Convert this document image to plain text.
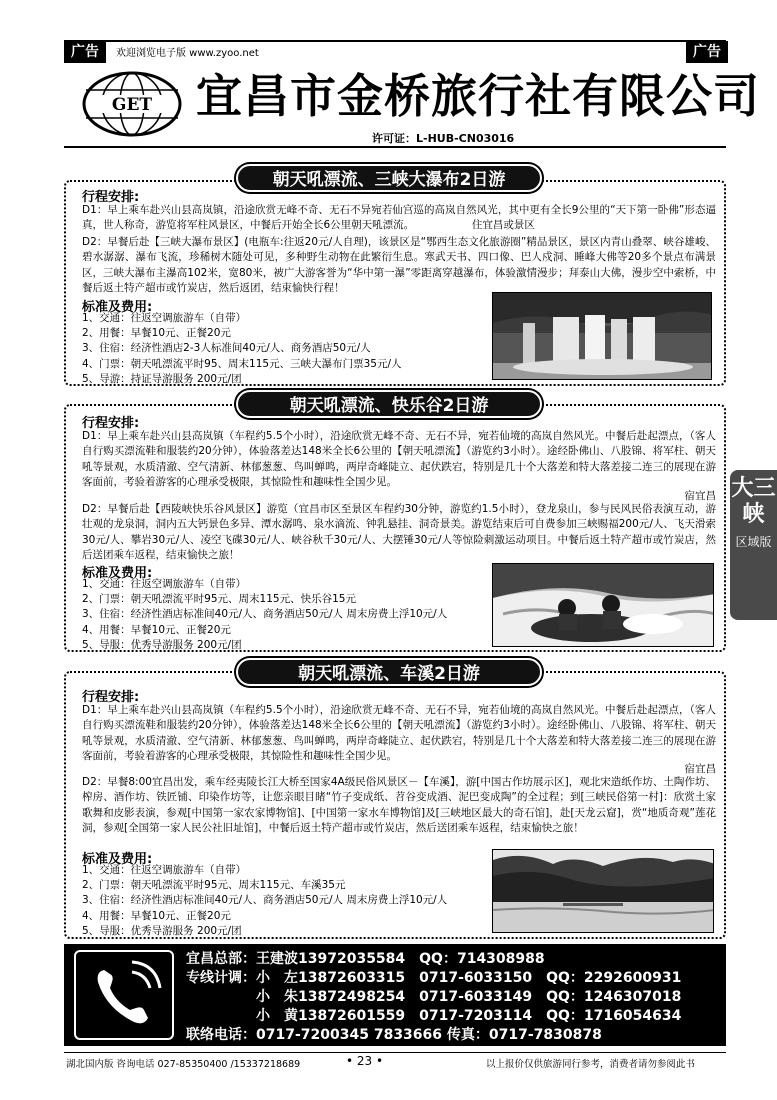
广告	广告
欢迎浏览电子版 www.zyoo.net
GET 宜昌市金桥旅行社有限公司
许可证：L-HUB-CN03016
朝天吼漂流、三峡大瀑布2日游
行程安排:
D1：早上乘车赴兴山县高岚镇，沿途欣赏无峰不奇、无石不异宛若仙宫巡的高岚自然风光，其中更有全长9公里的“天下第一卧佛”形态逼真，世人称奇，游览将军柱风景区，中餐后开始全长6公里朝天吼漂流。　　　　　　住宜昌或景区
D2：早餐后赴【三峡大瀑布景区】(电瓶车:往返20元/人自理)，该景区是“鄂西生态文化旅游圈”精品景区，景区内青山叠翠、峡谷雄峻、碧水潺潺、瀑布飞流，珍稀树木随处可见，多种野生动物在此繁衍生息。寒武天书、四口像、巴人戍洞、睡峰大佛等20多个景点布满景区，三峡大瀑布主瀑高102米，宽80米，被广大游客誉为“华中第一瀑”零距离穿越瀑布，体验激情漫步；拜泰山大佛，漫步空中索桥，中餐后返土特产超市或竹炭店，然后返团，结束愉快行程！
标准及费用:
1、交通：往返空调旅游车（自带）
2、用餐：早餐10元、正餐20元
3、住宿：经济性酒店2-3人标准间40元/人、商务酒店50元/人
4、门票：朝天吼漂流平时95、周末115元、三峡大瀑布门票35元/人
5、导游：持证导游服务 200元/团
朝天吼漂流、快乐谷2日游
行程安排:
D1：早上乘车赴兴山县高岚镇（车程约5.5个小时），沿途欣赏无峰不奇、无石不异，宛若仙境的高岚自然风光。中餐后赴起漂点，（客人自行购买漂流鞋和服装约20分钟），体验落差达148米全长6公里的【朝天吼漂流】（游览约3小时）。途经卧佛山、八股锦、将军柱、朝天吼等景观，水质清澈、空气清新、林郁葱葱、鸟叫蝉鸣，两岸奇峰陡立、起伏跌宕，特别是几十个大落差和特大落差接二连三的展现在游客面前，考验着游客的心理承受极限，其惊险性和趣味性全国少见。
宿宜昌
D2：早餐后赴【西陵峡快乐谷风景区】游览（宜昌市区至景区车程约30分钟，游览约1.5小时），登龙泉山，参与民风民俗表演互动，游壮观的龙泉洞，洞内五大钙景色多异、潭水潺鸣、泉水滴流、钟乳悬挂、洞奇景美。游览结束后可自费参加三峡赐福200元/人、飞天滑索30元/人、攀岩30元/人、凌空飞碟30元/人、峡谷秋千30元/人、大摆锤30元/人等惊险刺激运动项目。中餐后返土特产超市或竹炭店，然后送团乘车返程，结束愉快之旅！
标准及费用:
1、交通：往返空调旅游车（自带）
2、门票：朝天吼漂流平时95元、周末115元、快乐谷15元
3、住宿：经济性酒店标准间40元/人、商务酒店50元/人 周末房费上浮10元/人
4、用餐：早餐10元、正餐20元
5、导服：优秀导游服务 200元/团
大三峡
区域版
朝天吼漂流、车溪2日游
行程安排:
D1：早上乘车赴兴山县高岚镇（车程约5.5个小时），沿途欣赏无峰不奇、无石不异，宛若仙境的高岚自然风光。中餐后赴起漂点，（客人自行购买漂流鞋和服装约20分钟），体验落差达148米全长6公里的【朝天吼漂流】（游览约3小时）。途经卧佛山、八股锦、将军柱、朝天吼等景观，水质清澈、空气清新、林郁葱葱、鸟叫蝉鸣，两岸奇峰陡立、起伏跌宕，特别是几十个大落差和特大落差接二连三的展现在游客面前，考验着游客的心理承受极限，其惊险性和趣味性全国少见。
宿宜昌
D2：早餐8:00宜昌出发，乘车经夷陵长江大桥至国家4A级民俗风景区－【车溪】，游[中国古作坊展示区]，观北宋造纸作坊、土陶作坊、榨房、酒作坊、铁匠铺、印染作坊等，让您亲眼目睹“竹子变成纸、苕谷变成酒、泥巴变成陶”的全过程；到[三峡民俗第一村]：欣赏土家歌舞和皮影表演，参观[中国第一家农家博物馆]、[中国第一家水车博物馆]及[三峡地区最大的奇石馆]，赴[天龙云窟]，赏“地质奇观”莲花洞，参观[全国第一家人民公社旧址馆]，中餐后返土特产超市或竹炭店，然后送团乘车返程，结束愉快之旅！
标准及费用:
1、交通：往返空调旅游车（自带）
2、门票：朝天吼漂流平时95元、周末115元、车溪35元
3、住宿：经济性酒店标准间40元/人、商务酒店50元/人 周末房费上浮10元/人
4、用餐：早餐10元、正餐20元
5、导服：优秀导游服务 200元/团
宜昌总部：王建波13972035584　QQ：714308988
专线计调：小　左13872603315　0717-6033150　QQ：2292600931
　　　　　小　朱13872498254　0717-6033149　QQ：1246307018
　　　　　小　黄13872601559　0717-7203114　QQ：1716054634
联络电话：0717-7200345 7833666 传真：0717-7830878
湖北国内版 咨询电话 027-85350400 /15337218689	• 23 •	以上报价仅供旅游同行参考，消费者请勿参阅此书
